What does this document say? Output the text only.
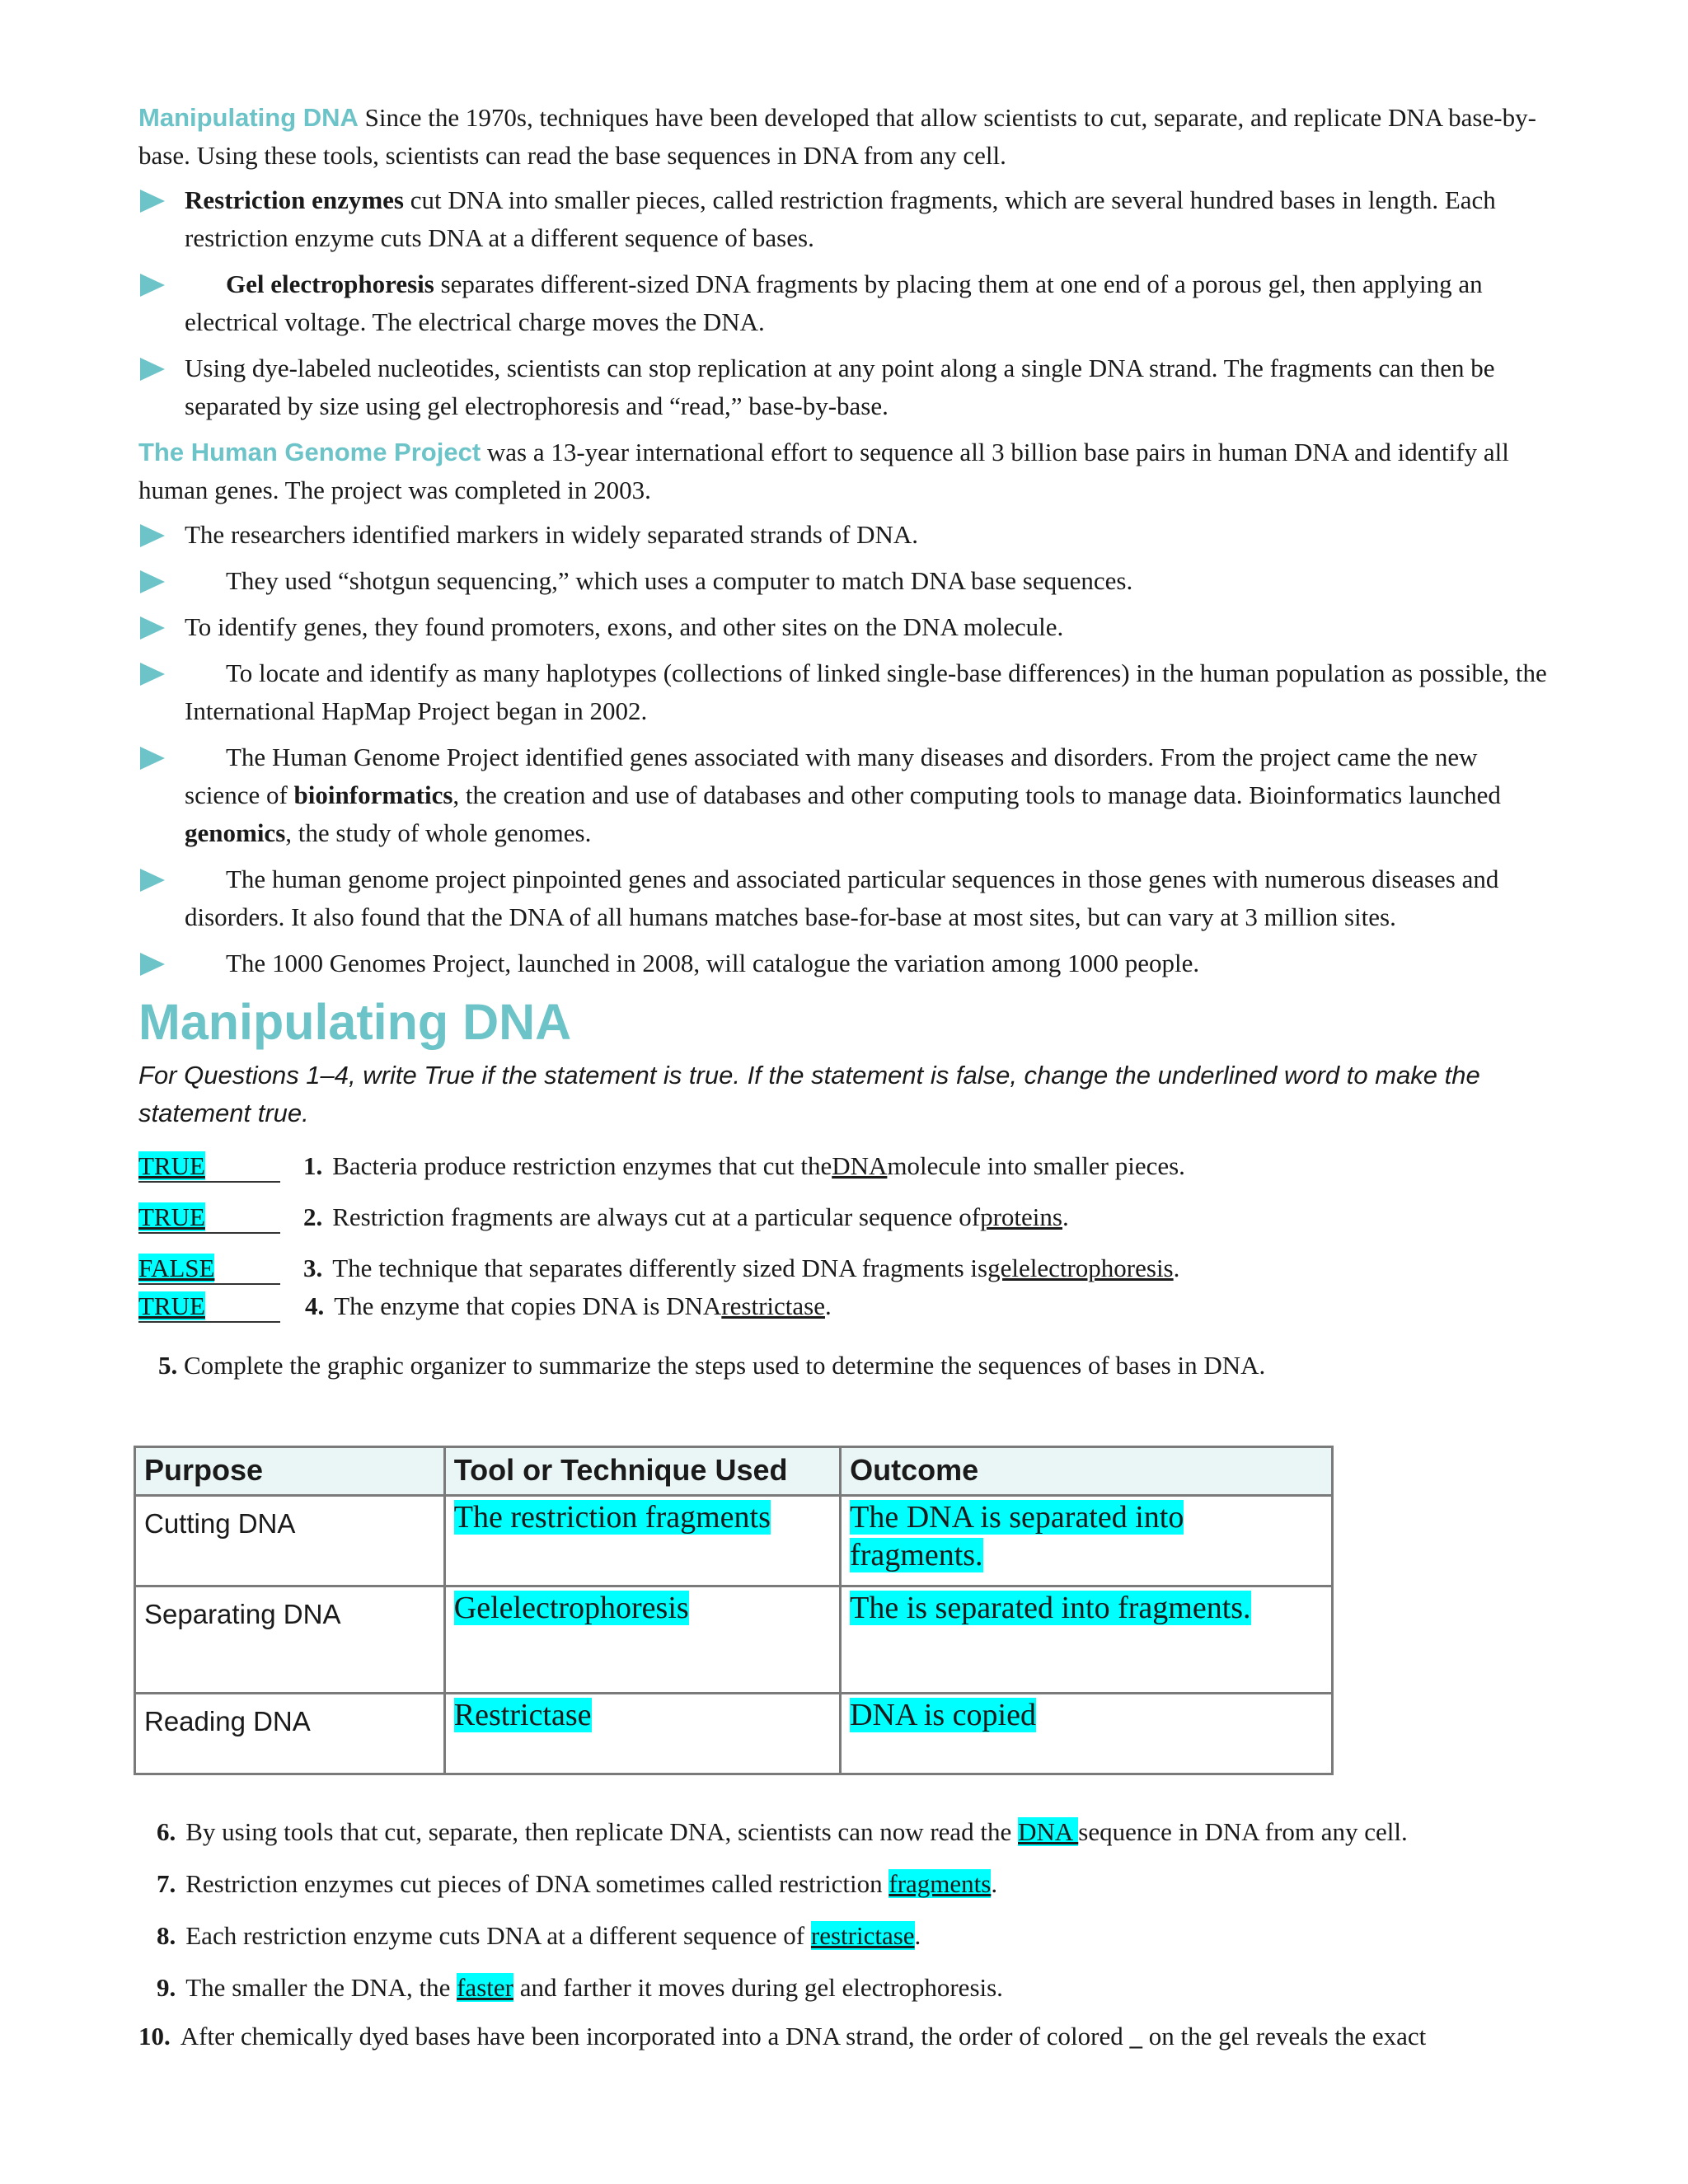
Manipulating DNA Since the 1970s, techniques have been developed that allow scientists to cut, separate, and replicate DNA base-by-base. Using these tools, scientists can read the base sequences in DNA from any cell.

Restriction enzymes cut DNA into smaller pieces, called restriction fragments, which are several hundred bases in length. Each restriction enzyme cuts DNA at a different sequence of bases.
Gel electrophoresis separates different-sized DNA fragments by placing them at one end of a porous gel, then applying an electrical voltage. The electrical charge moves the DNA.
Using dye-labeled nucleotides, scientists can stop replication at any point along a single DNA strand. The fragments can then be separated by size using gel electrophoresis and “read,” base-by-base.

The Human Genome Project was a 13-year international effort to sequence all 3 billion base pairs in human DNA and identify all human genes. The project was completed in 2003.

The researchers identified markers in widely separated strands of DNA.
They used “shotgun sequencing,” which uses a computer to match DNA base sequences.
To identify genes, they found promoters, exons, and other sites on the DNA molecule.
To locate and identify as many haplotypes (collections of linked single-base differences) in the human population as possible, the International HapMap Project began in 2002.
The Human Genome Project identified genes associated with many diseases and disorders. From the project came the new science of bioinformatics, the creation and use of databases and other computing tools to manage data. Bioinformatics launched genomics, the study of whole genomes.
The human genome project pinpointed genes and associated particular sequences in those genes with numerous diseases and disorders. It also found that the DNA of all humans matches base-for-base at most sites, but can vary at 3 million sites.
The 1000 Genomes Project, launched in 2008, will catalogue the variation among 1000 people.
Manipulating DNA

For Questions 1–4, write True if the statement is true. If the statement is false, change the underlined word to make the statement true.

TRUE	1. Bacteria produce restriction enzymes that cut the DNA molecule into smaller pieces.
TRUE	2. Restriction fragments are always cut at a particular sequence of proteins .
FALSE	3. The technique that separates differently sized DNA fragments is gelelectrophoresis .
TRUE	4. The enzyme that copies DNA is DNA restrictase .

5. Complete the graphic organizer to summarize the steps used to determine the sequences of bases in DNA.

Purpose	Tool or Technique Used	Outcome
Cutting DNA	The restriction fragments	The DNA is separated into fragments.
Separating DNA	Gelelectrophoresis	The is separated into fragments.
Reading DNA	Restrictase	DNA is copied
6. By using tools that cut, separate, then replicate DNA, scientists can now read the DNA sequence in DNA from any cell.
7. Restriction enzymes cut pieces of DNA sometimes called restriction fragments.
8. Each restriction enzyme cuts DNA at a different sequence of restrictase.
9. The smaller the DNA, the faster and farther it moves during gel electrophoresis.
10. After chemically dyed bases have been incorporated into a DNA strand, the order of colored _ on the gel reveals the exact
